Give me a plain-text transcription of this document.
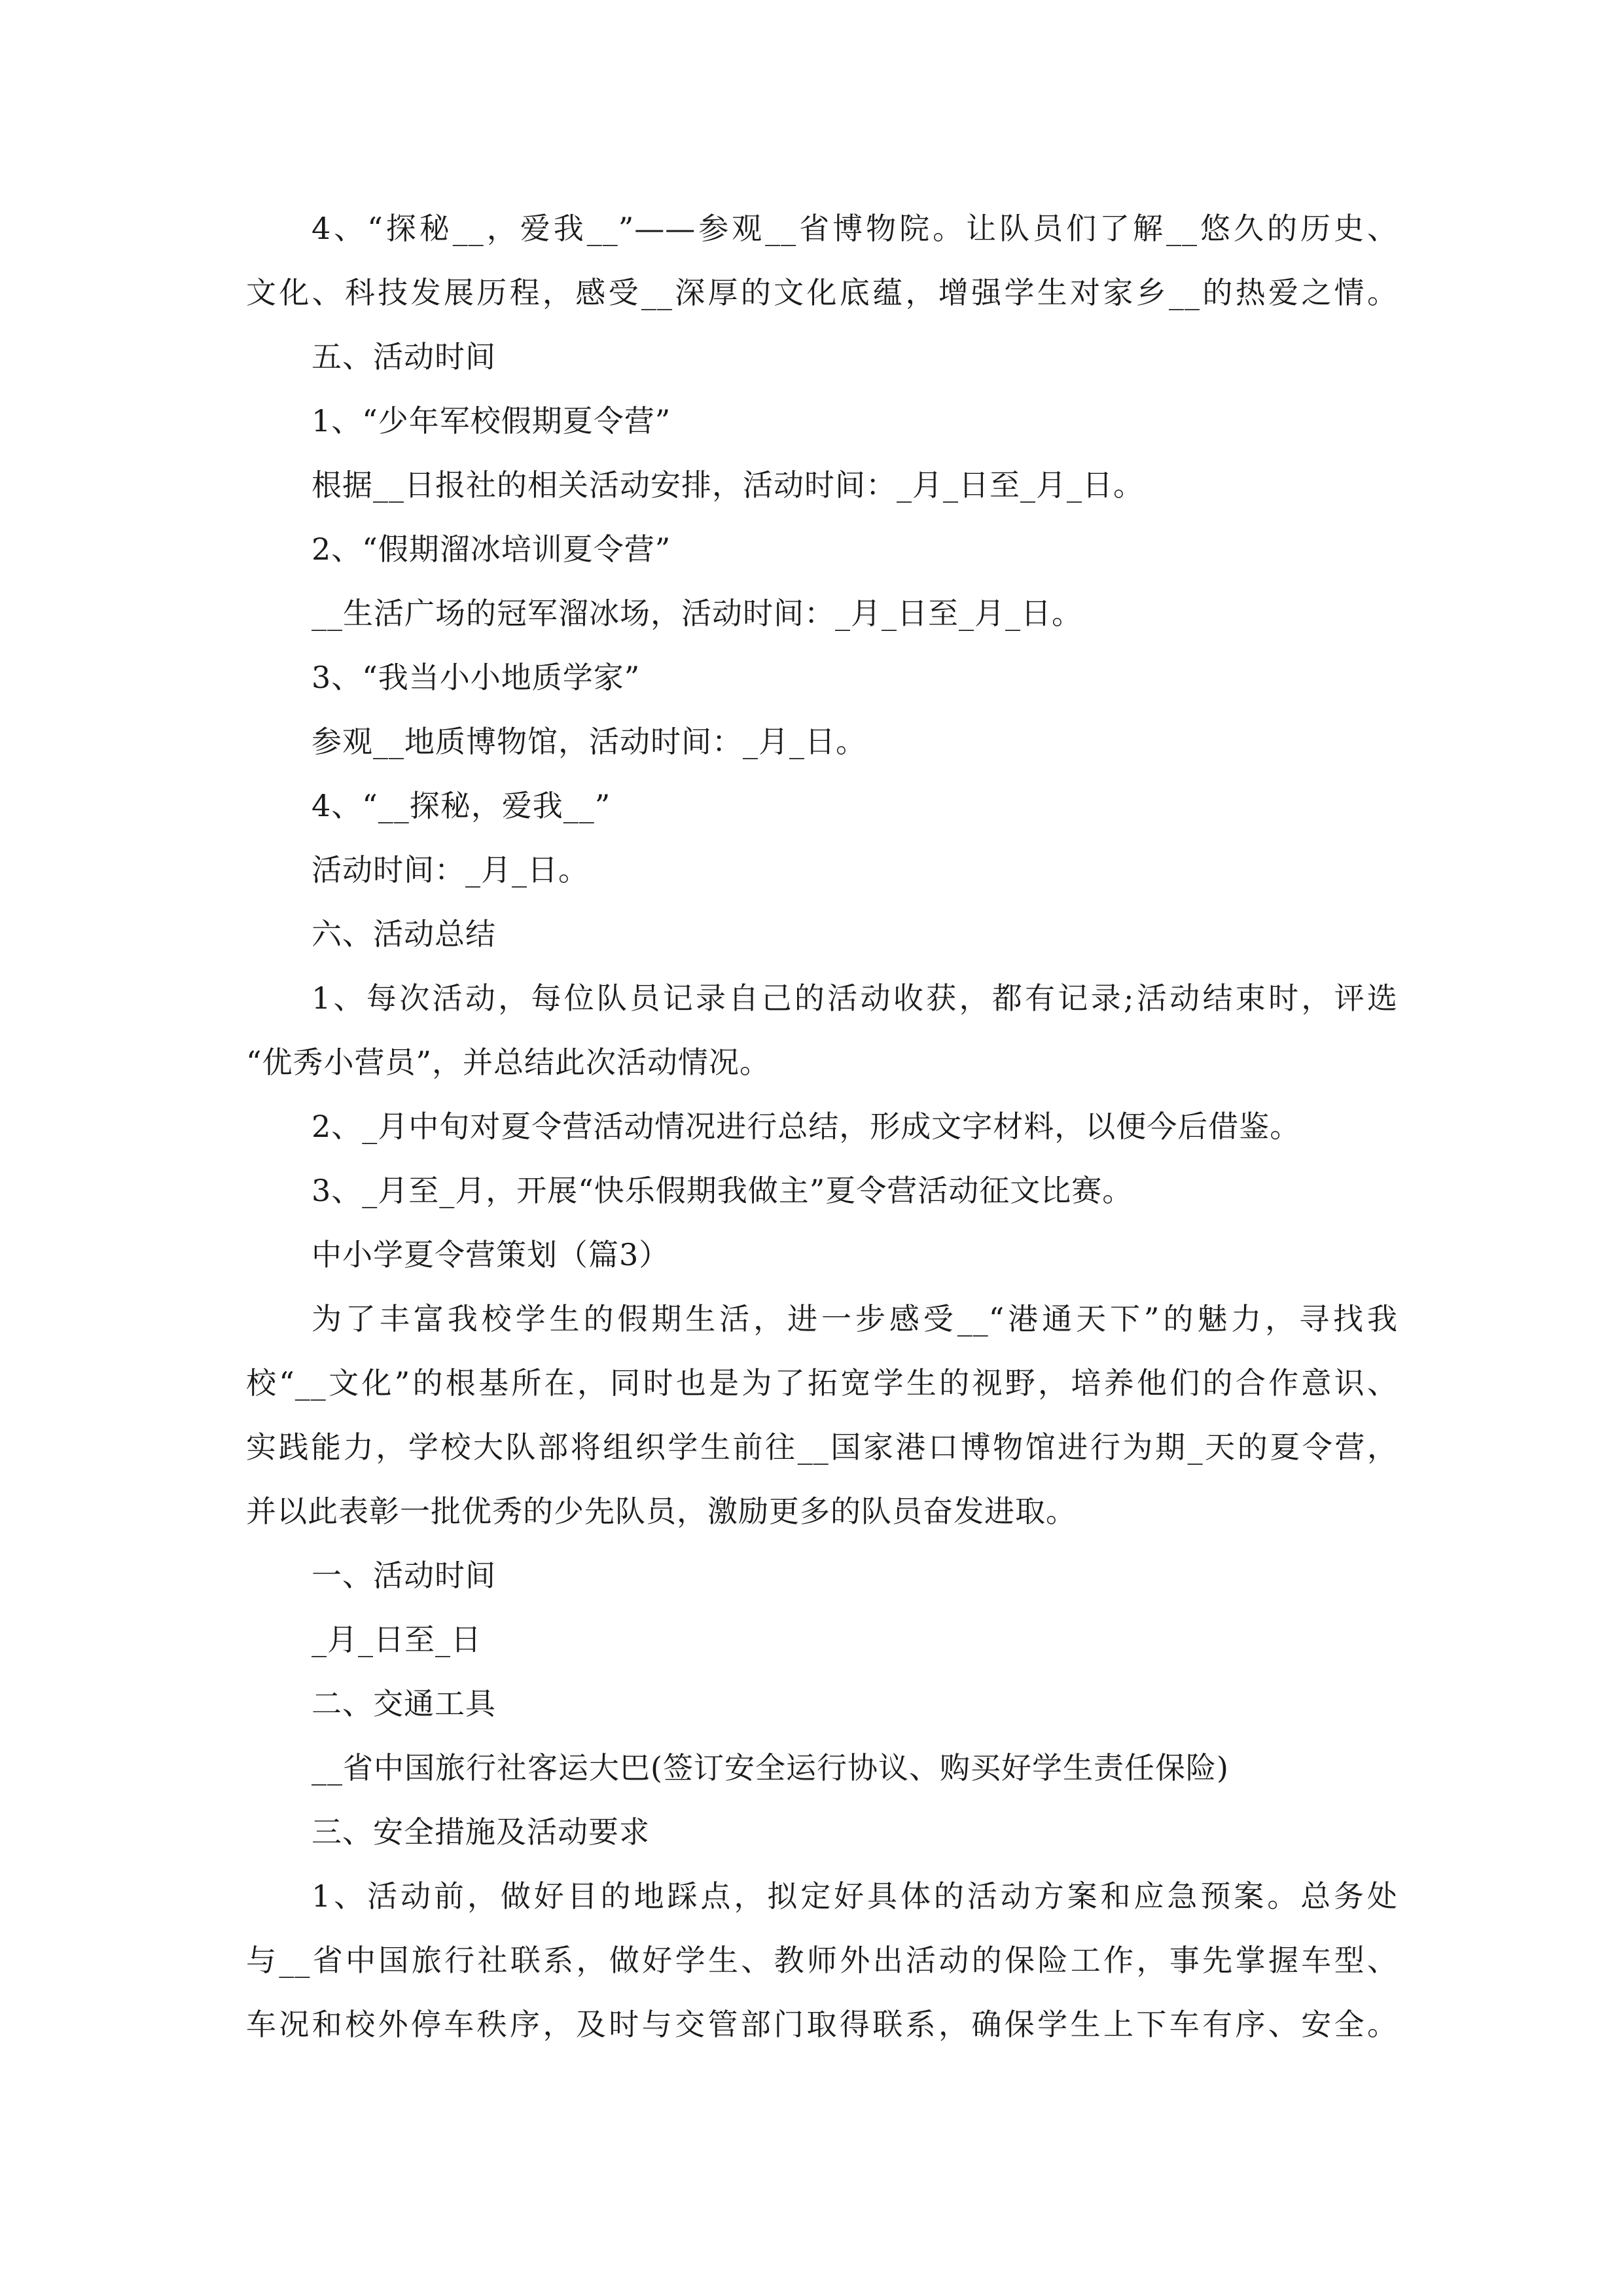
4、“探秘__，爱我__”——参观__省博物院。让队员们了解__悠久的历史、
文化、科技发展历程，感受__深厚的文化底蕴，增强学生对家乡__的热爱之情。
五、活动时间
1、“少年军校假期夏令营”
根据__日报社的相关活动安排，活动时间：_月_日至_月_日。
2、“假期溜冰培训夏令营”
__生活广场的冠军溜冰场，活动时间：_月_日至_月_日。
3、“我当小小地质学家”
参观__地质博物馆，活动时间：_月_日。
4、“__探秘，爱我__”
活动时间：_月_日。
六、活动总结
1、每次活动，每位队员记录自己的活动收获，都有记录;活动结束时，评选
“优秀小营员”，并总结此次活动情况。
2、_月中旬对夏令营活动情况进行总结，形成文字材料，以便今后借鉴。
3、_月至_月，开展“快乐假期我做主”夏令营活动征文比赛。
中小学夏令营策划（篇3）
为了丰富我校学生的假期生活，进一步感受__“港通天下”的魅力，寻找我
校“__文化”的根基所在，同时也是为了拓宽学生的视野，培养他们的合作意识、
实践能力，学校大队部将组织学生前往__国家港口博物馆进行为期_天的夏令营，
并以此表彰一批优秀的少先队员，激励更多的队员奋发进取。
一、活动时间
_月_日至_日
二、交通工具
__省中国旅行社客运大巴(签订安全运行协议、购买好学生责任保险)
三、安全措施及活动要求
1、活动前，做好目的地踩点，拟定好具体的活动方案和应急预案。总务处
与__省中国旅行社联系，做好学生、教师外出活动的保险工作，事先掌握车型、
车况和校外停车秩序，及时与交管部门取得联系，确保学生上下车有序、安全。
